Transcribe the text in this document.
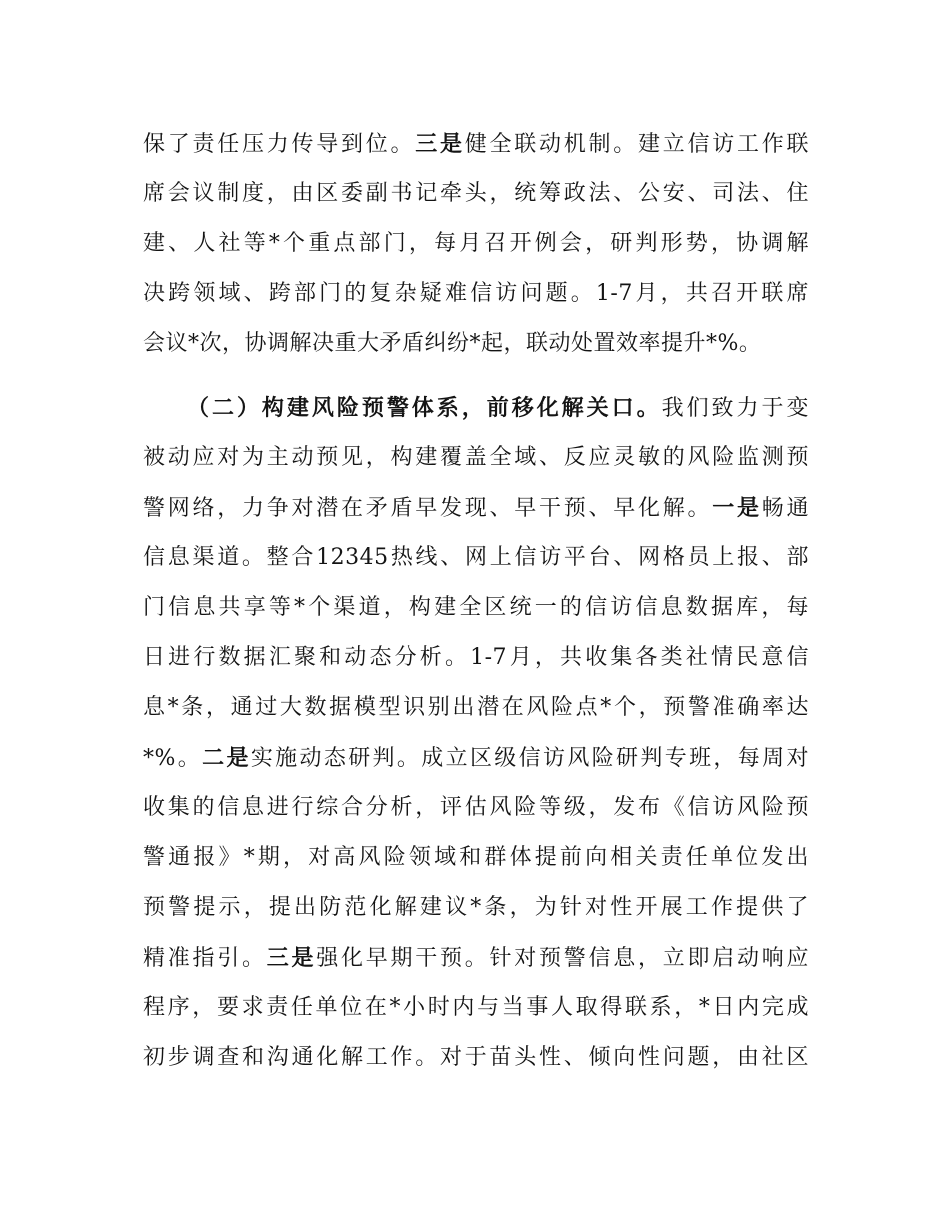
保了责任压力传导到位。三是健全联动机制。建立信访工作联
席会议制度，由区委副书记牵头，统筹政法、公安、司法、住
建、人社等*个重点部门，每月召开例会，研判形势，协调解
决跨领域、跨部门的复杂疑难信访问题。1-7月，共召开联席
会议*次，协调解决重大矛盾纠纷*起，联动处置效率提升*%。
（二）构建风险预警体系，前移化解关口。我们致力于变
被动应对为主动预见，构建覆盖全域、反应灵敏的风险监测预
警网络，力争对潜在矛盾早发现、早干预、早化解。一是畅通
信息渠道。整合12345热线、网上信访平台、网格员上报、部
门信息共享等*个渠道，构建全区统一的信访信息数据库，每
日进行数据汇聚和动态分析。1-7月，共收集各类社情民意信
息*条，通过大数据模型识别出潜在风险点*个，预警准确率达
*%。二是实施动态研判。成立区级信访风险研判专班，每周对
收集的信息进行综合分析，评估风险等级，发布《信访风险预
警通报》*期，对高风险领域和群体提前向相关责任单位发出
预警提示，提出防范化解建议*条，为针对性开展工作提供了
精准指引。三是强化早期干预。针对预警信息，立即启动响应
程序，要求责任单位在*小时内与当事人取得联系，*日内完成
初步调查和沟通化解工作。对于苗头性、倾向性问题，由社区
